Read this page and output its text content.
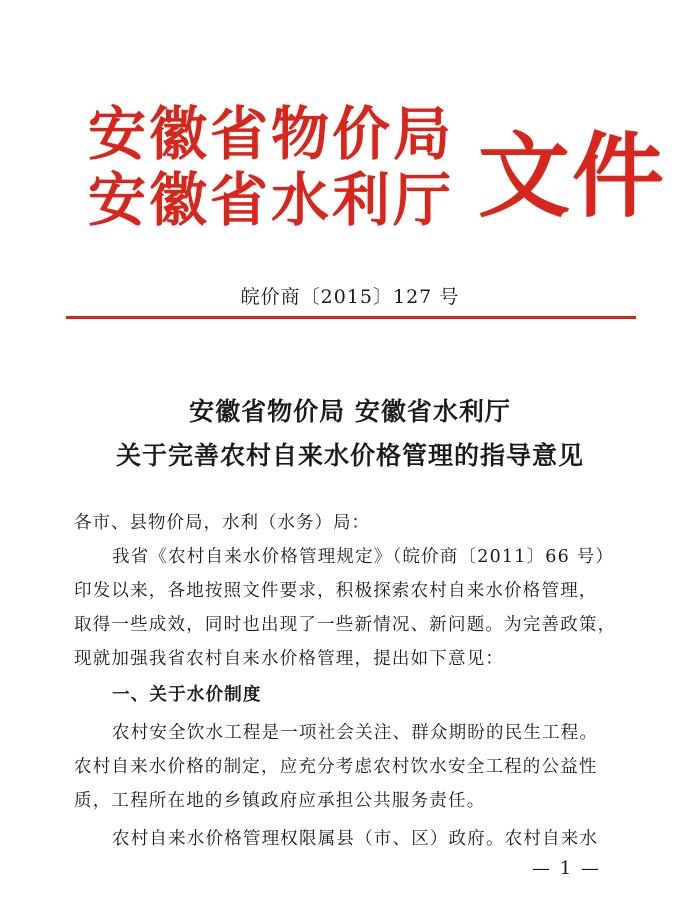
安徽省物价局
安徽省水利厅 文件
皖价商〔2015〕127 号
安徽省物价局 安徽省水利厅
关于完善农村自来水价格管理的指导意见
各市、县物价局，水利（水务）局：
我省《农村自来水价格管理规定》（皖价商〔2011〕66 号）
印发以来，各地按照文件要求，积极探索农村自来水价格管理，
取得一些成效，同时也出现了一些新情况、新问题。为完善政策，
现就加强我省农村自来水价格管理，提出如下意见：
一、关于水价制度
农村安全饮水工程是一项社会关注、群众期盼的民生工程。
农村自来水价格的制定，应充分考虑农村饮水安全工程的公益性
质，工程所在地的乡镇政府应承担公共服务责任。
农村自来水价格管理权限属县（市、区）政府。农村自来水
— 1 —
